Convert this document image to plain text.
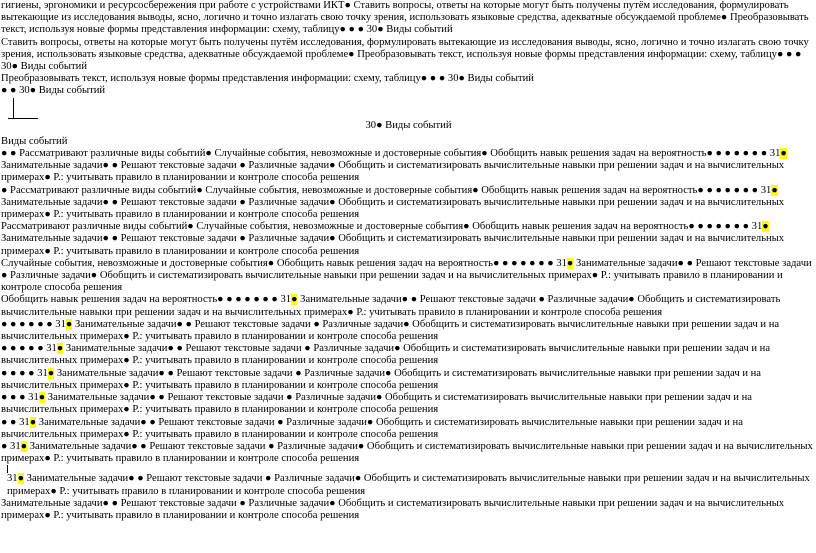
гигиены, эргономики и ресурсосбережения при работе с устройствами ИКТ● Ставить вопросы, ответы на которые могут быть получены путём исследования, формулировать вытекающие из исследования выводы, ясно, логично и точно излагать свою точку зрения, использовать языковые средства, адекватные обсуждаемой проблеме● Преобразовывать текст, используя новые формы представления информации: схему, таблицу● ● ● 30● Виды событий
Ставить вопросы, ответы на которые могут быть получены путём исследования, формулировать вытекающие из исследования выводы, ясно, логично и точно излагать свою точку зрения, использовать языковые средства, адекватные обсуждаемой проблеме● Преобразовывать текст, используя новые формы представления информации: схему, таблицу● ● ● 30● Виды событий
Преобразовывать текст, используя новые формы представления информации: схему, таблицу● ● ● 30● Виды событий
● ● 30● Виды событий
30● Виды событий
Виды событий
● ● Рассматривают различные виды событий● Случайные события, невозможные и достоверные события● Обобщить навык решения задач на вероятность● ● ● ● ● ● ● 31● Занимательные задачи● ● Решают текстовые задачи ● Различные задачи● Обобщить и систематизировать вычислительные навыки при решении задач и на вычислительных примерах● Р.: учитывать правило в планировании и контроле способа решения
● Рассматривают различные виды событий● Случайные события, невозможные и достоверные события● Обобщить навык решения задач на вероятность● ● ● ● ● ● ● 31● Занимательные задачи● ● Решают текстовые задачи ● Различные задачи● Обобщить и систематизировать вычислительные навыки при решении задач и на вычислительных примерах● Р.: учитывать правило в планировании и контроле способа решения
Рассматривают различные виды событий● Случайные события, невозможные и достоверные события● Обобщить навык решения задач на вероятность● ● ● ● ● ● ● 31● Занимательные задачи● ● Решают текстовые задачи ● Различные задачи● Обобщить и систематизировать вычислительные навыки при решении задач и на вычислительных примерах● Р.: учитывать правило в планировании и контроле способа решения
Случайные события, невозможные и достоверные события● Обобщить навык решения задач на вероятность● ● ● ● ● ● ● 31● Занимательные задачи● ● Решают текстовые задачи ● Различные задачи● Обобщить и систематизировать вычислительные навыки при решении задач и на вычислительных примерах● Р.: учитывать правило в планировании и контроле способа решения
Обобщить навык решения задач на вероятность● ● ● ● ● ● ● 31● Занимательные задачи● ● Решают текстовые задачи ● Различные задачи● Обобщить и систематизировать вычислительные навыки при решении задач и на вычислительных примерах● Р.: учитывать правило в планировании и контроле способа решения
● ● ● ● ● ● 31● Занимательные задачи● ● Решают текстовые задачи ● Различные задачи● Обобщить и систематизировать вычислительные навыки при решении задач и на вычислительных примерах● Р.: учитывать правило в планировании и контроле способа решения
● ● ● ● ● 31● Занимательные задачи● ● Решают текстовые задачи ● Различные задачи● Обобщить и систематизировать вычислительные навыки при решении задач и на вычислительных примерах● Р.: учитывать правило в планировании и контроле способа решения
● ● ● ● 31● Занимательные задачи● ● Решают текстовые задачи ● Различные задачи● Обобщить и систематизировать вычислительные навыки при решении задач и на вычислительных примерах● Р.: учитывать правило в планировании и контроле способа решения
● ● ● 31● Занимательные задачи● ● Решают текстовые задачи ● Различные задачи● Обобщить и систематизировать вычислительные навыки при решении задач и на вычислительных примерах● Р.: учитывать правило в планировании и контроле способа решения
● ● 31● Занимательные задачи● ● Решают текстовые задачи ● Различные задачи● Обобщить и систематизировать вычислительные навыки при решении задач и на вычислительных примерах● Р.: учитывать правило в планировании и контроле способа решения
● 31● Занимательные задачи● ● Решают текстовые задачи ● Различные задачи● Обобщить и систематизировать вычислительные навыки при решении задач и на вычислительных примерах● Р.: учитывать правило в планировании и контроле способа решения
31● Занимательные задачи● ● Решают текстовые задачи ● Различные задачи● Обобщить и систематизировать вычислительные навыки при решении задач и на вычислительных примерах● Р.: учитывать правило в планировании и контроле способа решения
Занимательные задачи● ● Решают текстовые задачи ● Различные задачи● Обобщить и систематизировать вычислительные навыки при решении задач и на вычислительных примерах● Р.: учитывать правило в планировании и контроле способа решения
